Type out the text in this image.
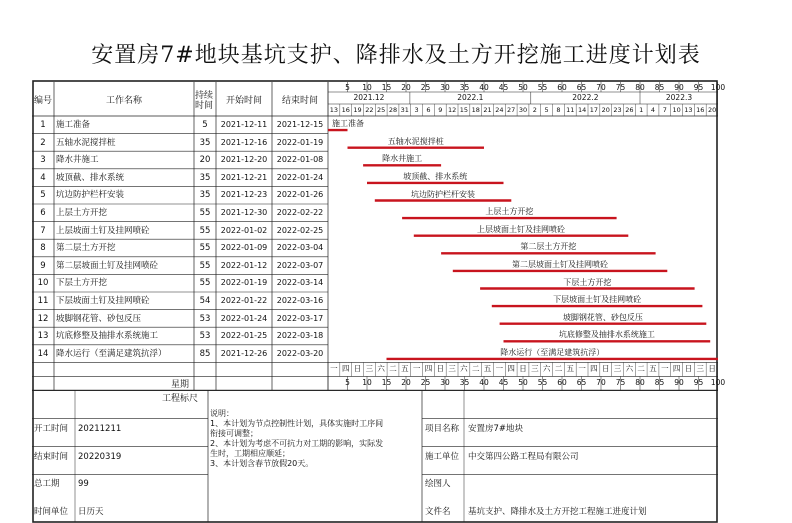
安置房7#地块基坑支护、降排水及土方开挖施工进度计划表
编号	工作名称	持续时间	开始时间	结束时间
5	10	15	20	25	30	35	40	45	50	55	60	65	70	75	80	85	90	95	100
2021.12	2022.1	2022.2	2022.3
13 16 19 22 25 28 31 3	6	9 12 15 18 21 24 27 30 2	5	8 11 14 17 20 23 26 1	4	7 10 13 16 20
1	施工准备	5	2021-12-11	2021-12-15	施工准备
2	五轴水泥搅拌桩	35	2021-12-16	2022-01-19	五轴水泥搅拌桩
3	降水井施工	20	2021-12-20	2022-01-08	降水井施工
4	坡顶截、排水系统	35	2021-12-21	2022-01-24	坡顶截、排水系统
5	坑边防护栏杆安装	35	2021-12-23	2022-01-26	坑边防护栏杆安装
6	上层土方开挖	55	2021-12-30	2022-02-22	上层土方开挖
7	上层坡面土钉及挂网喷砼	55	2022-01-02	2022-02-25	上层坡面土钉及挂网喷砼
8	第二层土方开挖	55	2022-01-09	2022-03-04	第二层土方开挖
9	第二层坡面土钉及挂网喷砼	55	2022-01-12	2022-03-07	第二层坡面土钉及挂网喷砼
10 下层土方开挖	55	2022-01-19	2022-03-14	下层土方开挖
11 下层坡面土钉及挂网喷砼	54	2022-01-22	2022-03-16	下层坡面土钉及挂网喷砼
12 坡脚钢花管、砂包反压	53	2022-01-24	2022-03-17	坡脚钢花管、砂包反压
13 坑底修整及抽排水系统施工	53	2022-01-25	2022-03-18	坑底修整及抽排水系统施工
14 降水运行（至满足建筑抗浮）	85	2021-12-26	2022-03-20	降水运行（至满足建筑抗浮）
星期
一 四 日 三 六 二 五 一 四 日 三 六 二 五 一 四 日 三 六 二 五 一 四 日 三 六 二 五 一 四 日 三 日
工程标尺
5	10	15	20	25	30	35	40	45	50	55	60	65	70	75	80	85	90	95	100
开工时间 20211211
结束时间 20220319
总工期 99
时间单位 日历天
说明：
1、本计划为节点控制性计划，具体实施时工序间
衔接可调整；
2、本计划为考虑不可抗力对工期的影响，实际发
生时，工期相应顺延；
3、本计划含春节放假20天。
项目名称 安置房7#地块
施工单位 中交第四公路工程局有限公司
绘图人
文件名 基坑支护、降排水及土方开挖工程施工进度计划
